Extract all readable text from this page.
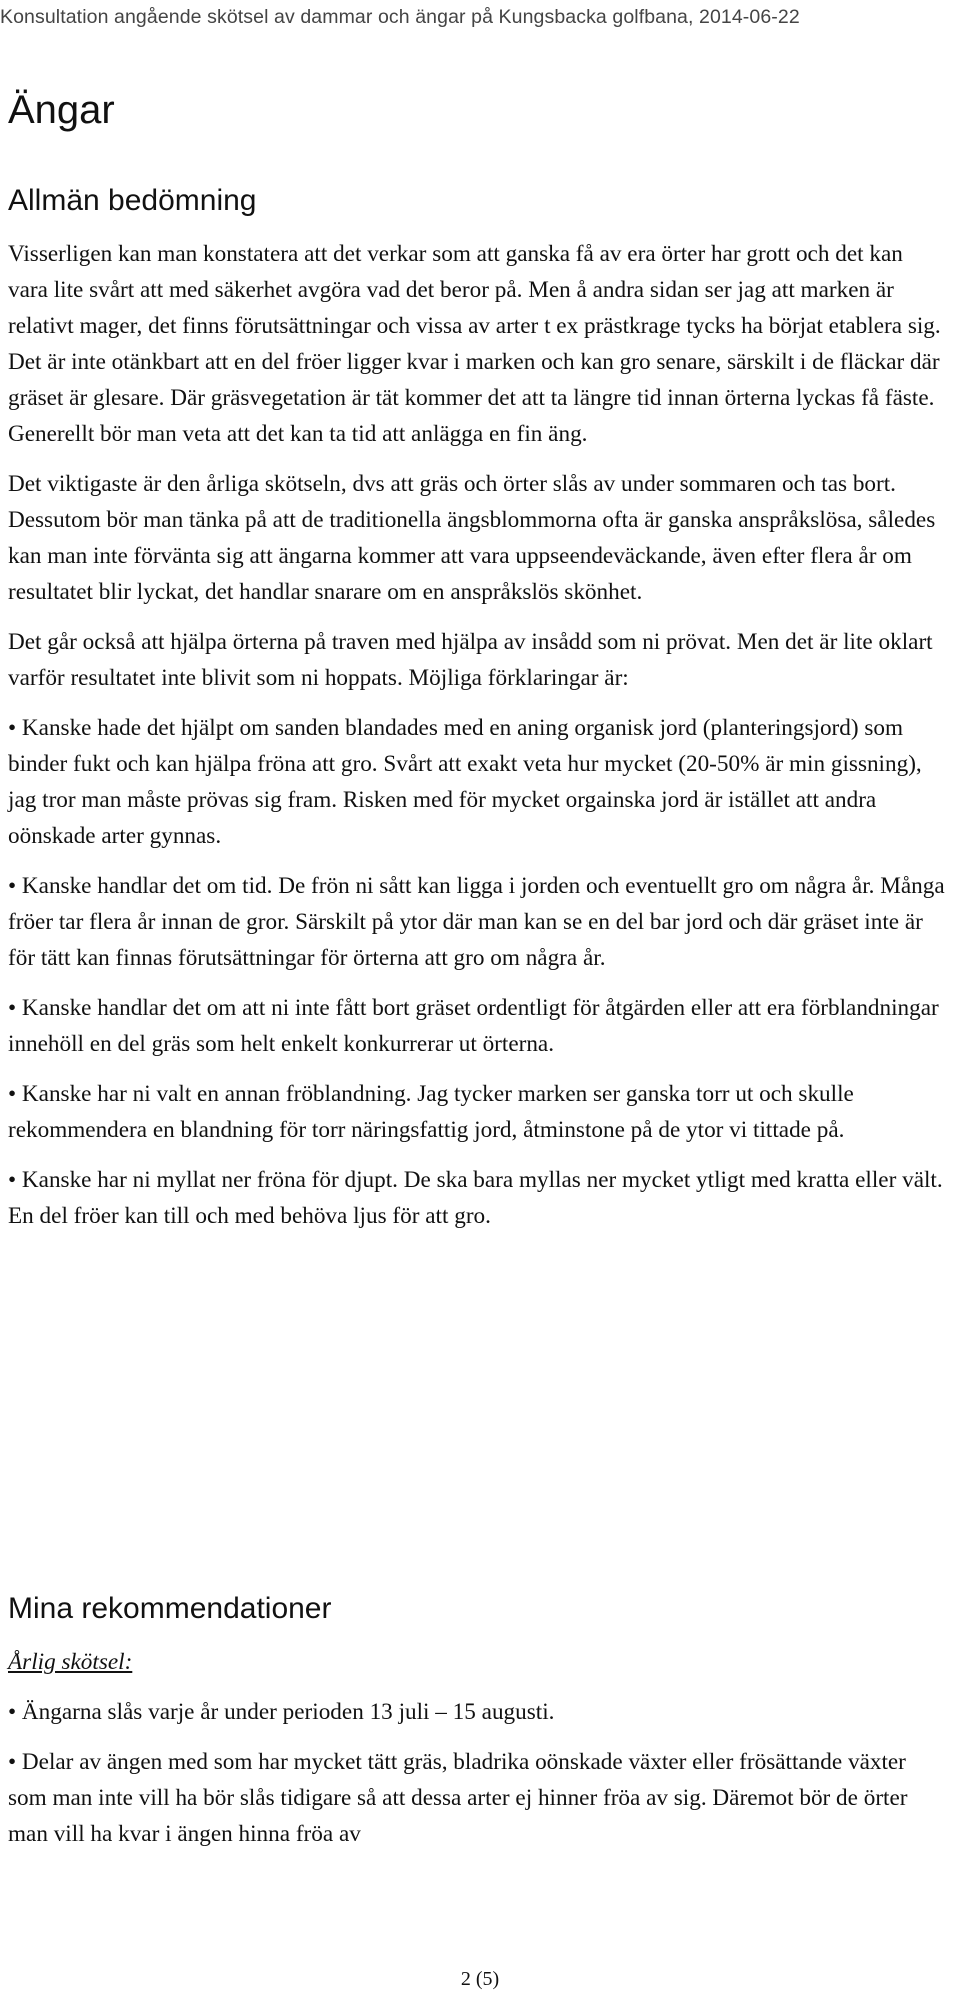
Konsultation angående skötsel av dammar och ängar på Kungsbacka golfbana, 2014-06-22
Ängar
Allmän bedömning

Visserligen kan man konstatera att det verkar som att ganska få av era örter har grott och det kan vara lite svårt att med säkerhet avgöra vad det beror på. Men å andra sidan ser jag att marken är relativt mager, det finns förutsättningar och vissa av arter t ex prästkrage tycks ha börjat etablera sig. Det är inte otänkbart att en del fröer ligger kvar i marken och kan gro senare, särskilt i de fläckar där gräset är glesare. Där gräsvegetation är tät kommer det att ta längre tid innan örterna lyckas få fäste. Generellt bör man veta att det kan ta tid att anlägga en fin äng.

Det viktigaste är den årliga skötseln, dvs att gräs och örter slås av under sommaren och tas bort. Dessutom bör man tänka på att de traditionella ängsblommorna ofta är ganska anspråkslösa, således kan man inte förvänta sig att ängarna kommer att vara uppseendeväckande, även efter flera år om resultatet blir lyckat, det handlar snarare om en anspråkslös skönhet.

Det går också att hjälpa örterna på traven med hjälpa av insådd som ni prövat. Men det är lite oklart varför resultatet inte blivit som ni hoppats. Möjliga förklaringar är:

• Kanske hade det hjälpt om sanden blandades med en aning organisk jord (planteringsjord) som binder fukt och kan hjälpa fröna att gro. Svårt att exakt veta hur mycket (20-50% är min gissning), jag tror man måste prövas sig fram. Risken med för mycket orgainska jord är istället att andra oönskade arter gynnas.

• Kanske handlar det om tid. De frön ni sått kan ligga i jorden och eventuellt gro om några år. Många fröer tar flera år innan de gror. Särskilt på ytor där man kan se en del bar jord och där gräset inte är för tätt kan finnas förutsättningar för örterna att gro om några år.

• Kanske handlar det om att ni inte fått bort gräset ordentligt för åtgärden eller att era förblandningar innehöll en del gräs som helt enkelt konkurrerar ut örterna.

• Kanske har ni valt en annan fröblandning. Jag tycker marken ser ganska torr ut och skulle rekommendera en blandning för torr näringsfattig jord, åtminstone på de ytor vi tittade på.

• Kanske har ni myllat ner fröna för djupt. De ska bara myllas ner mycket ytligt med kratta eller vält. En del fröer kan till och med behöva ljus för att gro.

Mina rekommendationer

Årlig skötsel:

• Ängarna slås varje år under perioden 13 juli – 15 augusti.

• Delar av ängen med som har mycket tätt gräs, bladrika oönskade växter eller frösättande växter som man inte vill ha bör slås tidigare så att dessa arter ej hinner fröa av sig. Däremot bör de örter man vill ha kvar i ängen hinna fröa av

2 (5)
